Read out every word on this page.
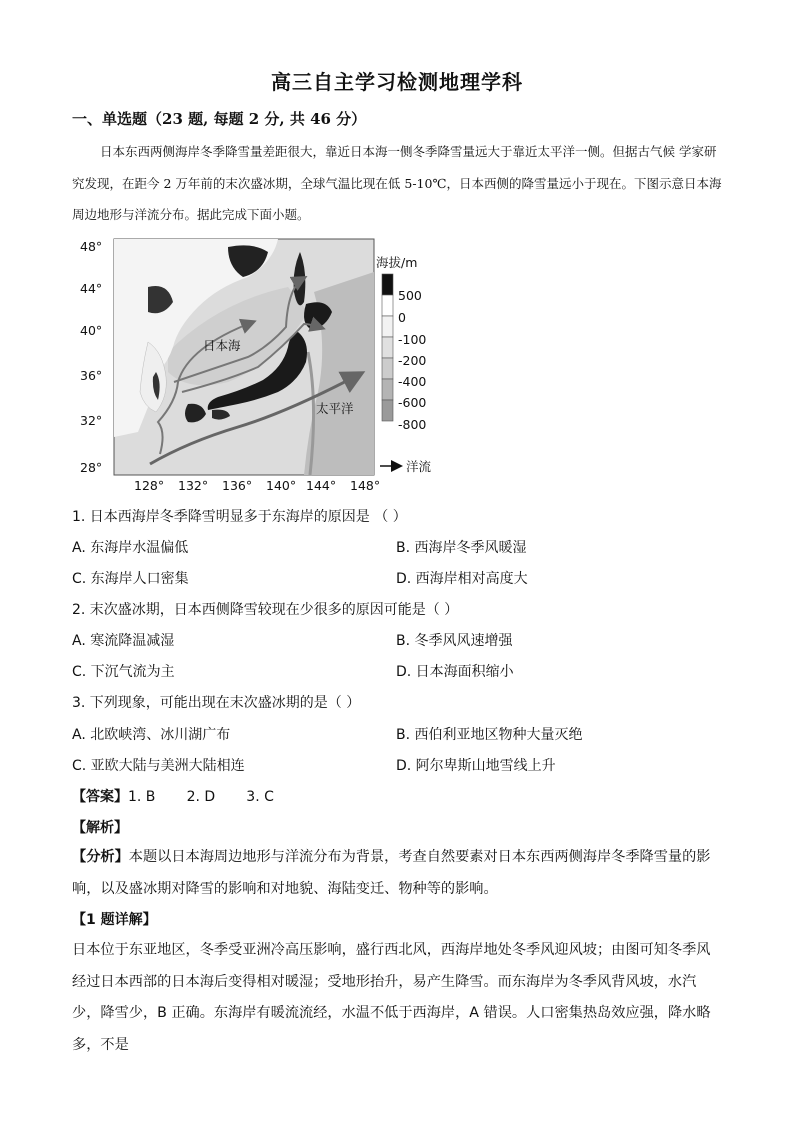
高三自主学习检测地理学科
一、单选题（23 题, 每题 2 分, 共 46 分）
日本东西两侧海岸冬季降雪量差距很大，靠近日本海一侧冬季降雪量远大于靠近太平洋一侧。但据古气候 学家研究发现，在距今 2 万年前的末次盛冰期，全球气温比现在低 5-10℃，日本西侧的降雪量远小于现在。下图示意日本海周边地形与洋流分布。据此完成下面小题。
48°
44°
40°
36°
32°
28°
128° 132° 136° 140° 144° 148°
日本海
太平洋
海拔/m
500
0
-100
-200
-400
-600
-800
洋流
1. 日本西海岸冬季降雪明显多于东海岸的原因是 （ ）
A. 东海岸水温偏低	B. 西海岸冬季风暖湿
C. 东海岸人口密集	D. 西海岸相对高度大
2. 末次盛冰期，日本西侧降雪较现在少很多的原因可能是（ ）
A. 寒流降温减湿	B. 冬季风风速增强
C. 下沉气流为主	D. 日本海面积缩小
3. 下列现象，可能出现在末次盛冰期的是（ ）
A. 北欧峡湾、冰川湖广布	B. 西伯利亚地区物种大量灭绝
C. 亚欧大陆与美洲大陆相连	D. 阿尔卑斯山地雪线上升
【答案】1. B       2. D       3. C
【解析】
【分析】本题以日本海周边地形与洋流分布为背景，考查自然要素对日本东西两侧海岸冬季降雪量的影响，以及盛冰期对降雪的影响和对地貌、海陆变迁、物种等的影响。
【1 题详解】
日本位于东亚地区，冬季受亚洲冷高压影响，盛行西北风，西海岸地处冬季风迎风坡；由图可知冬季风经过日本西部的日本海后变得相对暖湿；受地形抬升，易产生降雪。而东海岸为冬季风背风坡，水汽少，降雪少，B 正确。东海岸有暖流流经，水温不低于西海岸，A 错误。人口密集热岛效应强，降水略多，不是
